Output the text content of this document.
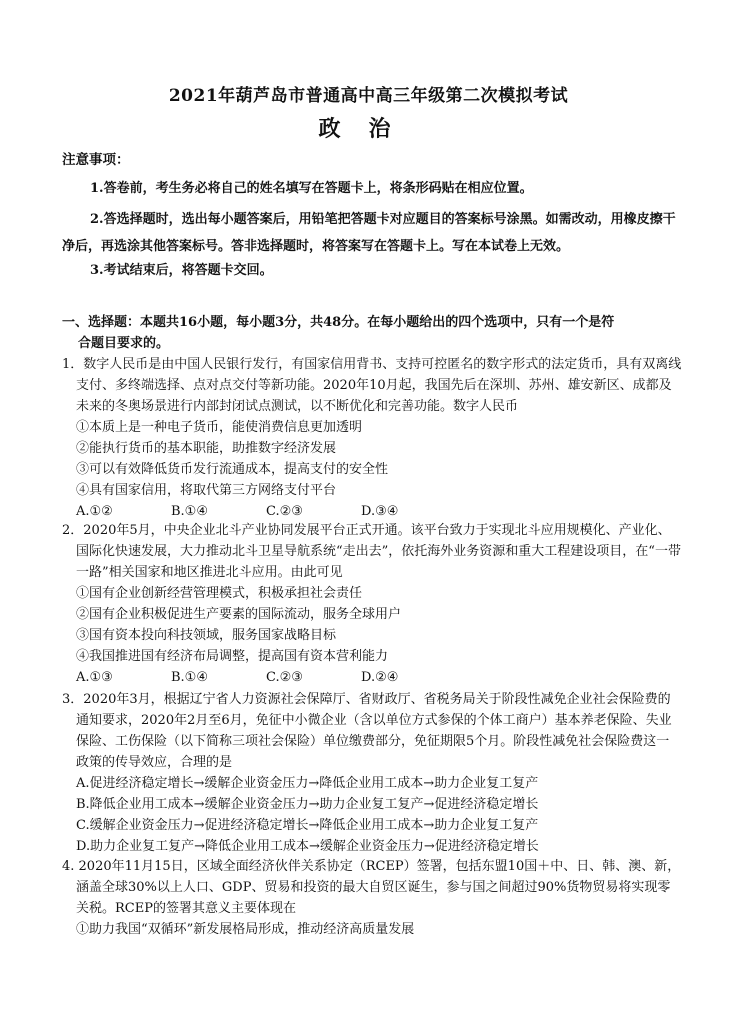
2021年葫芦岛市普通高中高三年级第二次模拟考试
政治
注意事项：
1.答卷前，考生务必将自己的姓名填写在答题卡上，将条形码贴在相应位置。
2.答选择题时，选出每小题答案后，用铅笔把答题卡对应题目的答案标号涂黑。如需改动，用橡皮擦干净后，再选涂其他答案标号。答非选择题时，将答案写在答题卡上。写在本试卷上无效。
3.考试结束后，将答题卡交回。
一、选择题：本题共16小题，每小题3分，共48分。在每小题给出的四个选项中，只有一个是符
合题目要求的。

1．数字人民币是由中国人民银行发行，有国家信用背书、支持可控匿名的数字形式的法定货币，具有双离线支付、多终端选择、点对点交付等新功能。2020年10月起，我国先后在深圳、苏州、雄安新区、成都及未来的冬奥场景进行内部封闭试点测试，以不断优化和完善功能。数字人民币

①本质上是一种电子货币，能使消费信息更加透明

②能执行货币的基本职能，助推数字经济发展

③可以有效降低货币发行流通成本，提高支付的安全性

④具有国家信用，将取代第三方网络支付平台

A.①②	B.①④	C.②③	D.③④

2．2020年5月，中央企业北斗产业协同发展平台正式开通。该平台致力于实现北斗应用规模化、产业化、国际化快速发展，大力推动北斗卫星导航系统“走出去”，依托海外业务资源和重大工程建设项目，在“一带一路”相关国家和地区推进北斗应用。由此可见

①国有企业创新经营管理模式，积极承担社会责任

②国有企业积极促进生产要素的国际流动，服务全球用户

③国有资本投向科技领域，服务国家战略目标

④我国推进国有经济布局调整，提高国有资本营利能力

A.①③	B.①④	C.②③	D.②④

3．2020年3月，根据辽宁省人力资源社会保障厅、省财政厅、省税务局关于阶段性减免企业社会保险费的通知要求，2020年2月至6月，免征中小微企业（含以单位方式参保的个体工商户）基本养老保险、失业保险、工伤保险（以下简称三项社会保险）单位缴费部分，免征期限5个月。阶段性减免社会保险费这一政策的传导效应，合理的是

A.促进经济稳定增长→缓解企业资金压力→降低企业用工成本→助力企业复工复产

B.降低企业用工成本→缓解企业资金压力→助力企业复工复产→促进经济稳定增长

C.缓解企业资金压力→促进经济稳定增长→降低企业用工成本→助力企业复工复产

D.助力企业复工复产→降低企业用工成本→缓解企业资金压力→促进经济稳定增长

4. 2020年11月15日，区域全面经济伙伴关系协定（RCEP）签署，包括东盟10国＋中、日、韩、澳、新，涵盖全球30%以上人口、GDP、贸易和投资的最大自贸区诞生，参与国之间超过90%货物贸易将实现零关税。RCEP的签署其意义主要体现在

①助力我国“双循环”新发展格局形成，推动经济高质量发展
